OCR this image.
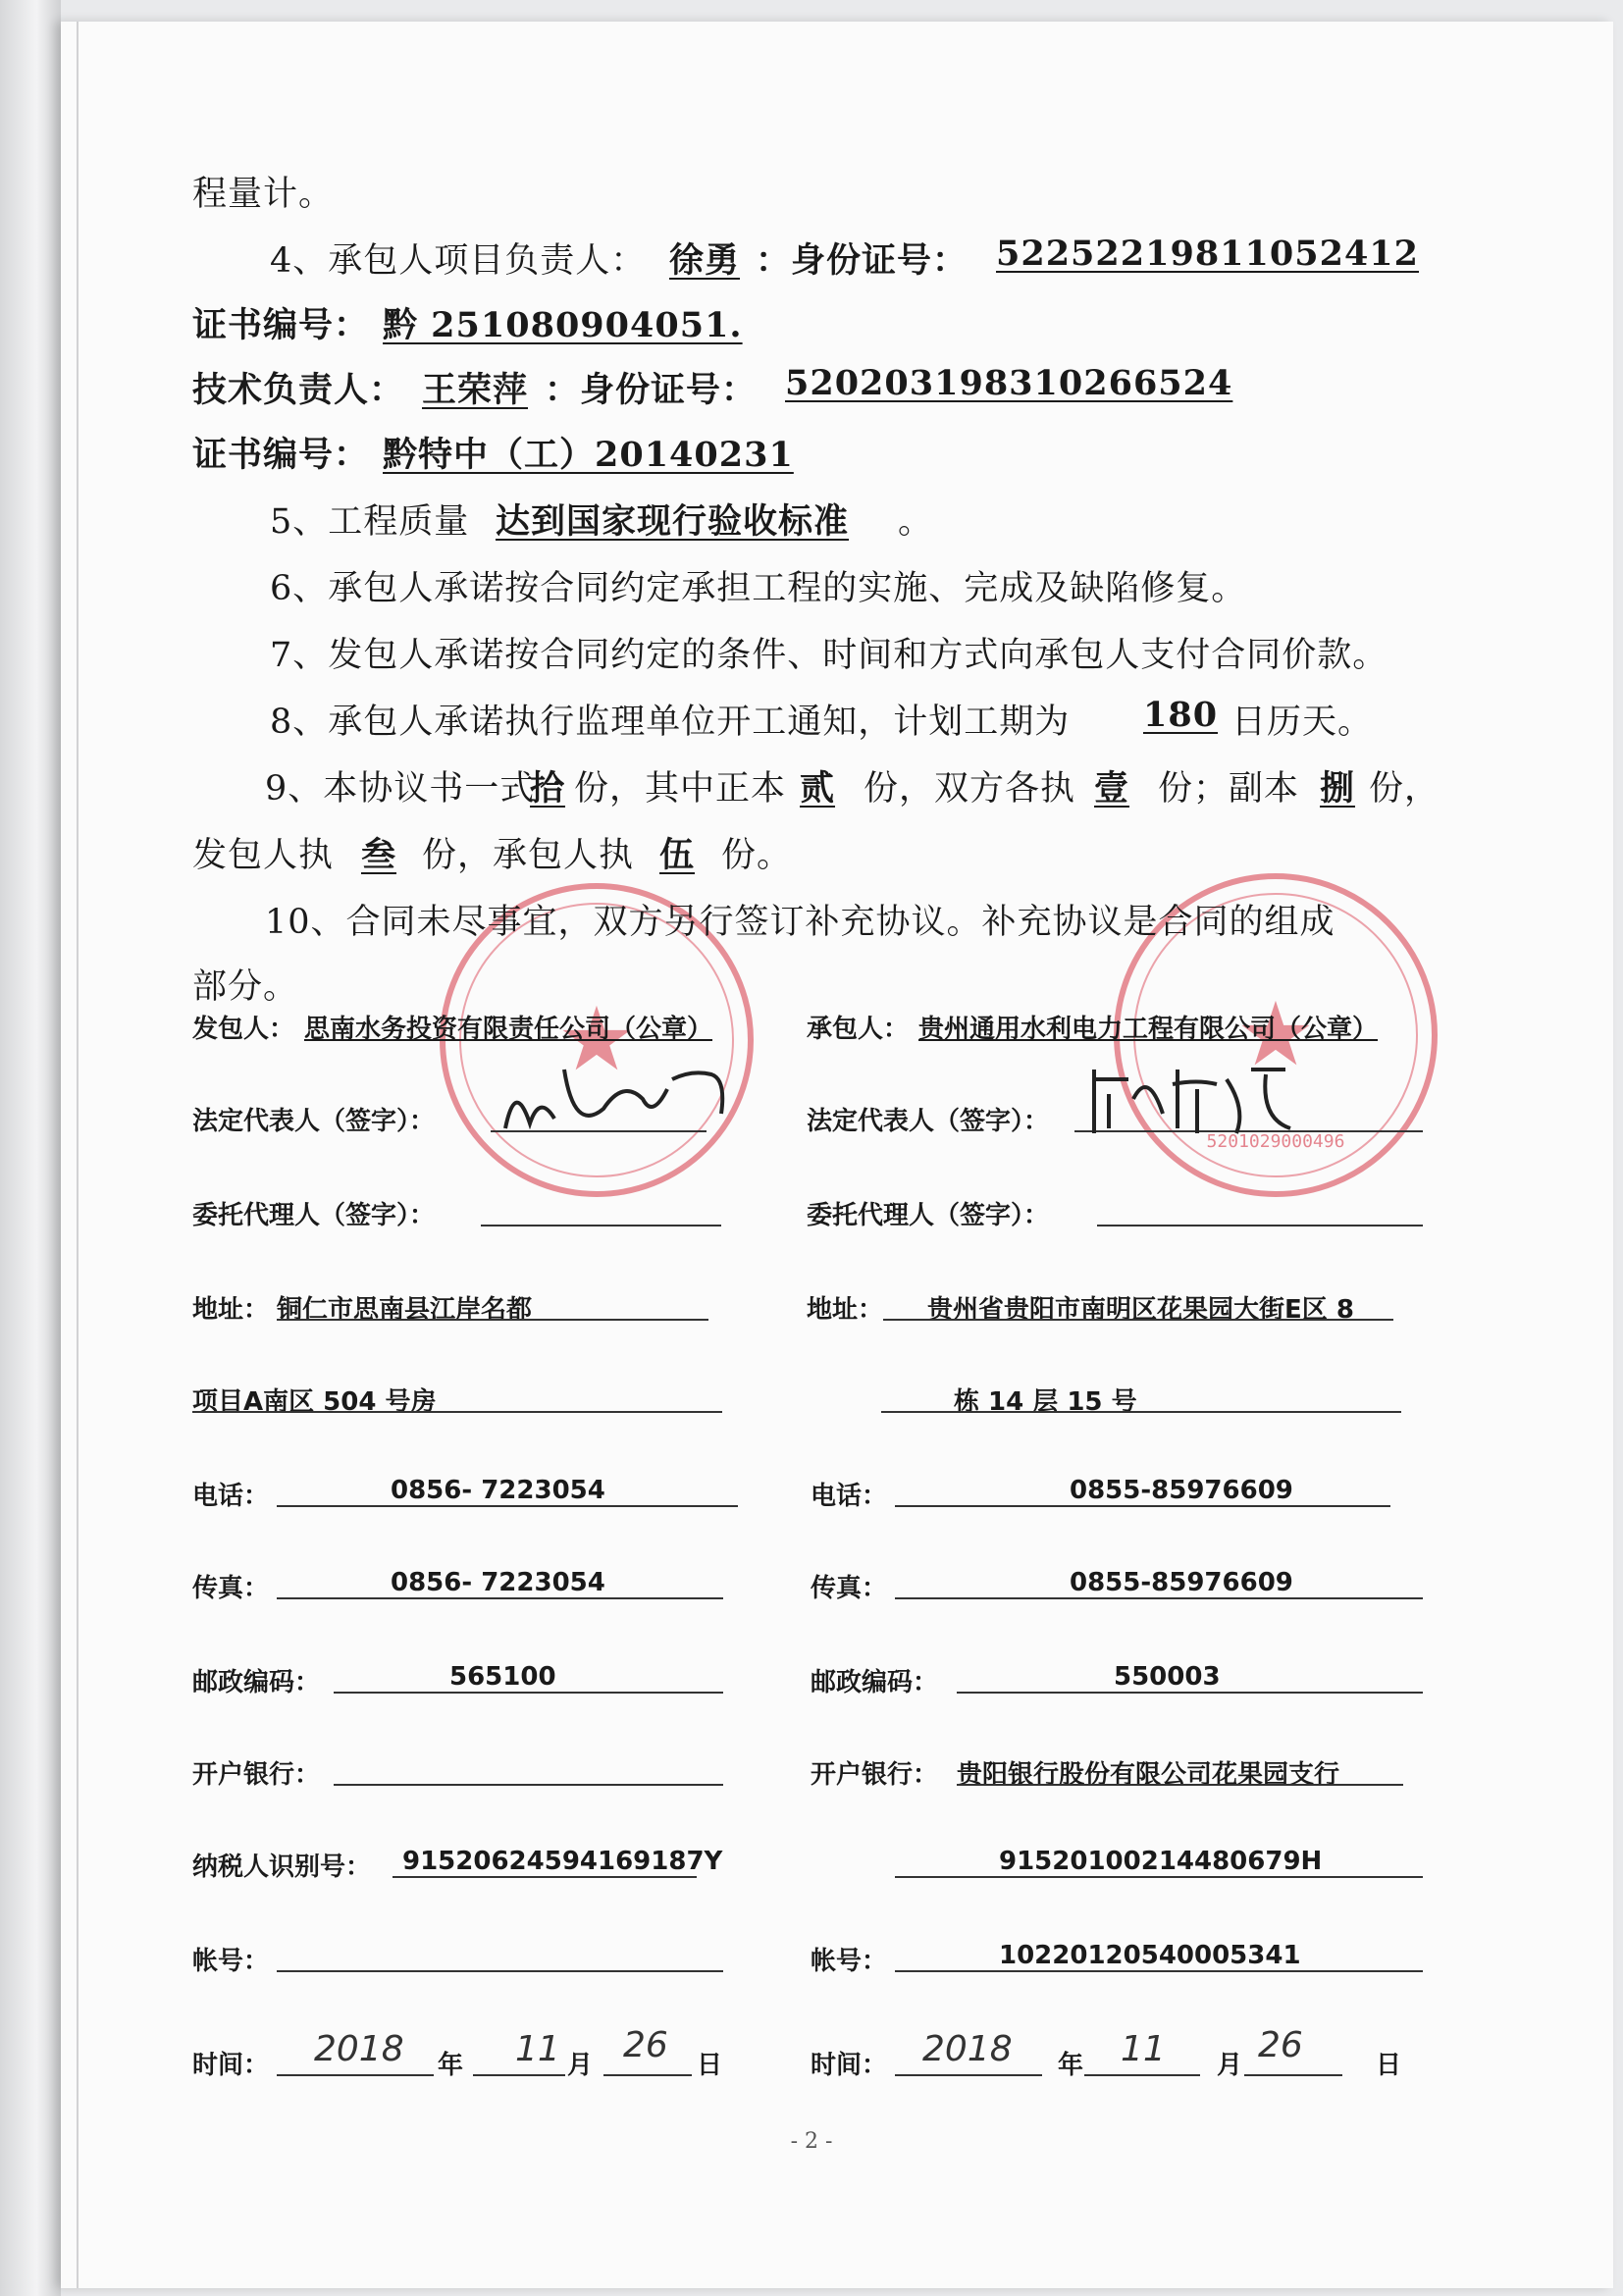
★	★
5201029000496
程量计。
4、承包人项目负责人： 徐勇 ：身份证号： 52252219811052412
证书编号： 黔 251080904051.
技术负责人： 王荣萍 ：身份证号： 520203198310266524
证书编号： 黔特中（工）20140231
5、工程质量 达到国家现行验收标准 。
6、承包人承诺按合同约定承担工程的实施、完成及缺陷修复。
7、发包人承诺按合同约定的条件、时间和方式向承包人支付合同价款。
8、承包人承诺执行监理单位开工通知，计划工期为 180 日历天。
9、本协议书一式
拾 份，其中正本 贰 份，双方各执 壹 份；副本 捌 份，
发包人执 叁 份，承包人执 伍 份。
10、合同未尽事宜，双方另行签订补充协议。补充协议是合同的组成
部分。
发包人： 思南水务投资有限责任公司（公章）	承包人： 贵州通用水利电力工程有限公司（公章）
法定代表人（签字）：	法定代表人（签字）：
委托代理人（签字）：	委托代理人（签字）：
地址： 铜仁市思南县江岸名都	地址： 贵州省贵阳市南明区花果园大街E区 8
项目A南区 504 号房	栋 14 层 15 号
电话：	0856- 7223054	电话：	0855-85976609
传真：	0856- 7223054	传真：	0855-85976609
邮政编码：	565100	邮政编码：	550003
开户银行：	开户银行： 贵阳银行股份有限公司花果园支行
纳税人识别号： 91520624594169187Y	91520100214480679H
帐号：	帐号：	10220120540005341
时间： 2018 年 11 月 26 日	时间： 2018 年 11 月 26	日
- 2 -
